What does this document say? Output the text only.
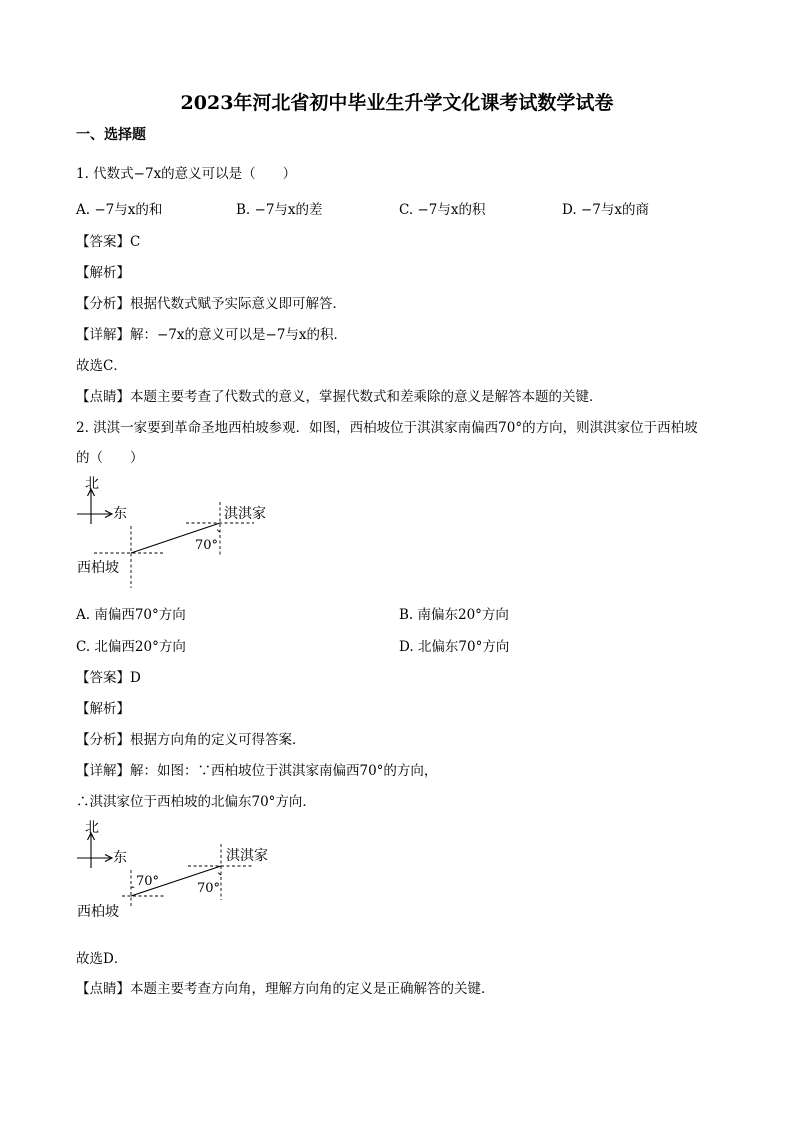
2023年河北省初中毕业生升学文化课考试数学试卷
一、选择题
1. 代数式−7x的意义可以是（　　）
A. −7与x的和	B. −7与x的差	C. −7与x的积	D. −7与x的商
【答案】C
【解析】
【分析】根据代数式赋予实际意义即可解答．
【详解】解：−7x的意义可以是−7与x的积．
故选C．
【点睛】本题主要考查了代数式的意义，掌握代数式和差乘除的意义是解答本题的关键．
2. 淇淇一家要到革命圣地西柏坡参观．如图，西柏坡位于淇淇家南偏西70°的方向，则淇淇家位于西柏坡
的（　　）
东
北
淇淇家
西柏坡
70°
A. 南偏西70°方向	B. 南偏东20°方向
C. 北偏西20°方向	D. 北偏东70°方向
【答案】D
【解析】
【分析】根据方向角的定义可得答案．
【详解】解：如图：∵西柏坡位于淇淇家南偏西70°的方向，
∴淇淇家位于西柏坡的北偏东70°方向．
东
北
淇淇家
西柏坡
70°	70°
故选D．
【点睛】本题主要考查方向角，理解方向角的定义是正确解答的关键．
